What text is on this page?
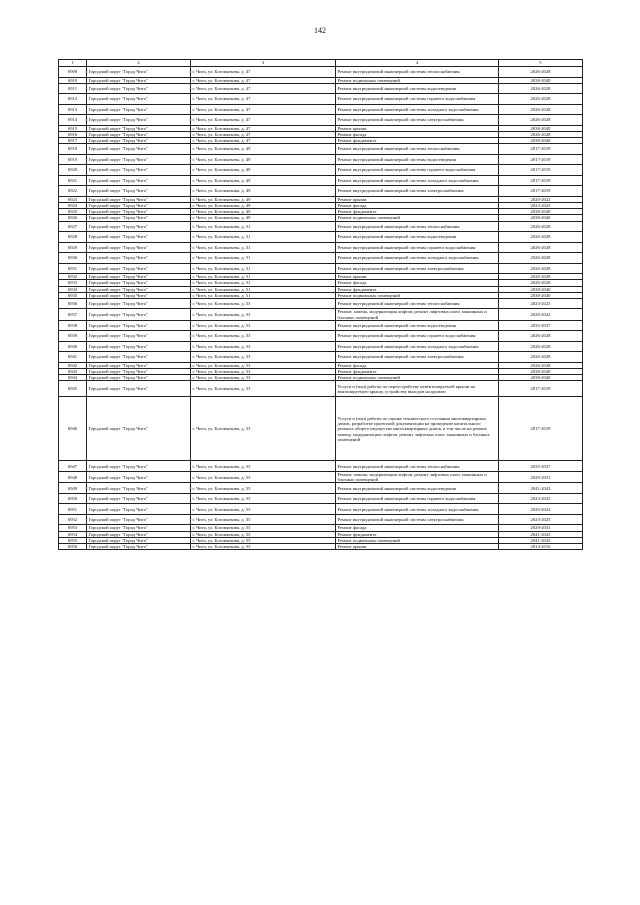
142
1	2	3	4	5
6909	Городской округ "Город Чита"	г. Чита, ул. Богомягкова, д. 47	Ремонт внутридомовой инженерной системы теплоснабжения	2026-2028
6910	Городской округ "Город Чита"	г. Чита, ул. Богомягкова, д. 47	Ремонт подвальных помещений	2038-2040
6911	Городской округ "Город Чита"	г. Чита, ул. Богомягкова, д. 47	Ремонт внутридомовой инженерной системы водоотведения	2026-2028
6912	Городской округ "Город Чита"	г. Чита, ул. Богомягкова, д. 47	Ремонт внутридомовой инженерной системы горячего водоснабжения	2026-2028
6913	Городской округ "Город Чита"	г. Чита, ул. Богомягкова, д. 47	Ремонт внутридомовой инженерной системы холодного водоснабжения	2026-2028
6914	Городской округ "Город Чита"	г. Чита, ул. Богомягкова, д. 47	Ремонт внутридомовой инженерной системы электроснабжения	2026-2028
6915	Городской округ "Город Чита"	г. Чита, ул. Богомягкова, д. 47	Ремонт крыши	2038-2040
6916	Городской округ "Город Чита"	г. Чита, ул. Богомягкова, д. 47	Ремонт фасада	2026-2028
6917	Городской округ "Город Чита"	г. Чита, ул. Богомягкова, д. 47	Ремонт фундамента	2038-2040
6918	Городской округ "Город Чита"	г. Чита, ул. Богомягкова, д. 49	Ремонт внутридомовой инженерной системы теплоснабжения	2017-2019
6919	Городской округ "Город Чита"	г. Чита, ул. Богомягкова, д. 49	Ремонт внутридомовой инженерной системы водоотведения	2017-2019
6920	Городской округ "Город Чита"	г. Чита, ул. Богомягкова, д. 49	Ремонт внутридомовой инженерной системы горячего водоснабжения	2017-2019
6921	Городской округ "Город Чита"	г. Чита, ул. Богомягкова, д. 49	Ремонт внутридомовой инженерной системы холодного водоснабжения	2017-2019
6922	Городской округ "Город Чита"	г. Чита, ул. Богомягкова, д. 49	Ремонт внутридомовой инженерной системы электроснабжения	2017-2019
6923	Городской округ "Город Чита"	г. Чита, ул. Богомягкова, д. 49	Ремонт крыши	2020-2022
6924	Городской округ "Город Чита"	г. Чита, ул. Богомягкова, д. 49	Ремонт фасада	2023-2025
6925	Городской округ "Город Чита"	г. Чита, ул. Богомягкова, д. 49	Ремонт фундамента	2038-2040
6926	Городской округ "Город Чита"	г. Чита, ул. Богомягкова, д. 49	Ремонт подвальных помещений	2038-2040
6927	Городской округ "Город Чита"	г. Чита, ул. Богомягкова, д. 51	Ремонт внутридомовой инженерной системы теплоснабжения	2026-2028
6928	Городской округ "Город Чита"	г. Чита, ул. Богомягкова, д. 51	Ремонт внутридомовой инженерной системы водоотведения	2026-2028
6929	Городской округ "Город Чита"	г. Чита, ул. Богомягкова, д. 51	Ремонт внутридомовой инженерной системы горячего водоснабжения	2026-2028
6930	Городской округ "Город Чита"	г. Чита, ул. Богомягкова, д. 51	Ремонт внутридомовой инженерной системы холодного водоснабжения	2026-2028
6931	Городской округ "Город Чита"	г. Чита, ул. Богомягкова, д. 51	Ремонт внутридомовой инженерной системы электроснабжения	2026-2028
6932	Городской округ "Город Чита"	г. Чита, ул. Богомягкова, д. 51	Ремонт крыши	2026-2028
6933	Городской округ "Город Чита"	г. Чита, ул. Богомягкова, д. 51	Ремонт фасада	2026-2028
6934	Городской округ "Город Чита"	г. Чита, ул. Богомягкова, д. 51	Ремонт фундамента	2038-2040
6935	Городской округ "Город Чита"	г. Чита, ул. Богомягкова, д. 51	Ремонт подвальных помещений	2038-2040
6936	Городской округ "Город Чита"	г. Чита, ул. Богомягкова, д. 53	Ремонт внутридомовой инженерной системы теплоснабжения	2023-2025
6937	Городской округ "Город Чита"	г. Чита, ул. Богомягкова, д. 53	Ремонт, замена, модернизация лифтов, ремонт лифтовых шахт, машинных и блочных помещений	2020-2022
6938	Городской округ "Город Чита"	г. Чита, ул. Богомягкова, д. 53	Ремонт внутридомовой инженерной системы водоотведения	2035-2037
6939	Городской округ "Город Чита"	г. Чита, ул. Богомягкова, д. 53	Ремонт внутридомовой инженерной системы горячего водоснабжения	2026-2028
6940	Городской округ "Город Чита"	г. Чита, ул. Богомягкова, д. 53	Ремонт внутридомовой инженерной системы холодного водоснабжения	2026-2028
6941	Городской округ "Город Чита"	г. Чита, ул. Богомягкова, д. 53	Ремонт внутридомовой инженерной системы электроснабжения	2026-2028
6942	Городской округ "Город Чита"	г. Чита, ул. Богомягкова, д. 53	Ремонт фасада	2026-2028
6943	Городской округ "Город Чита"	г. Чита, ул. Богомягкова, д. 53	Ремонт фундамента	2038-2040
6944	Городской округ "Город Чита"	г. Чита, ул. Богомягкова, д. 53	Ремонт подвальных помещений	2038-2040
6945	Городской округ "Город Чита"	г. Чита, ул. Богомягкова, д. 53	Услуги и (или) работы по переустройству невентилируемой крыши на вентилируемую крышу, устройству выходов на кровлю	2017-2019
6946	Городской округ "Город Чита"	г. Чита, ул. Богомягкова, д. 53	Услуги и (или) работы по оценке технического состояния многоквартирных домов, разработке проектной документации на проведение капитального ремонта общего имущества многоквартирных домов, в том числе на ремонт, замену, модернизацию лифтов, ремонт лифтовых шахт, машинных и блочных помещений	2017-2019
6947	Городской округ "Город Чита"	г. Чита, ул. Богомягкова, д. 55	Ремонт внутридомовой инженерной системы теплоснабжения	2035-2037
6948	Городской округ "Город Чита"	г. Чита, ул. Богомягкова, д. 55	Ремонт, замена, модернизация лифтов, ремонт лифтовых шахт, машинных и блочных помещений	2029-2031
6949	Городской округ "Город Чита"	г. Чита, ул. Богомягкова, д. 55	Ремонт внутридомовой инженерной системы водоотведения	2041-2043
6950	Городской округ "Город Чита"	г. Чита, ул. Богомягкова, д. 55	Ремонт внутридомовой инженерной системы горячего водоснабжения	2023-2025
6951	Городской округ "Город Чита"	г. Чита, ул. Богомягкова, д. 55	Ремонт внутридомовой инженерной системы холодного водоснабжения	2020-2022
6952	Городской округ "Город Чита"	г. Чита, ул. Богомягкова, д. 55	Ремонт внутридомовой инженерной системы электроснабжения	2023-2025
6953	Городской округ "Город Чита"	г. Чита, ул. Богомягкова, д. 55	Ремонт фасада	2029-2031
6954	Городской округ "Город Чита"	г. Чита, ул. Богомягкова, д. 55	Ремонт фундамента	2041-2043
6955	Городской округ "Город Чита"	г. Чита, ул. Богомягкова, д. 55	Ремонт подвальных помещений	2041-2043
6956	Городской округ "Город Чита"	г. Чита, ул. Богомягкова, д. 55	Ремонт крыши	2014-2016
